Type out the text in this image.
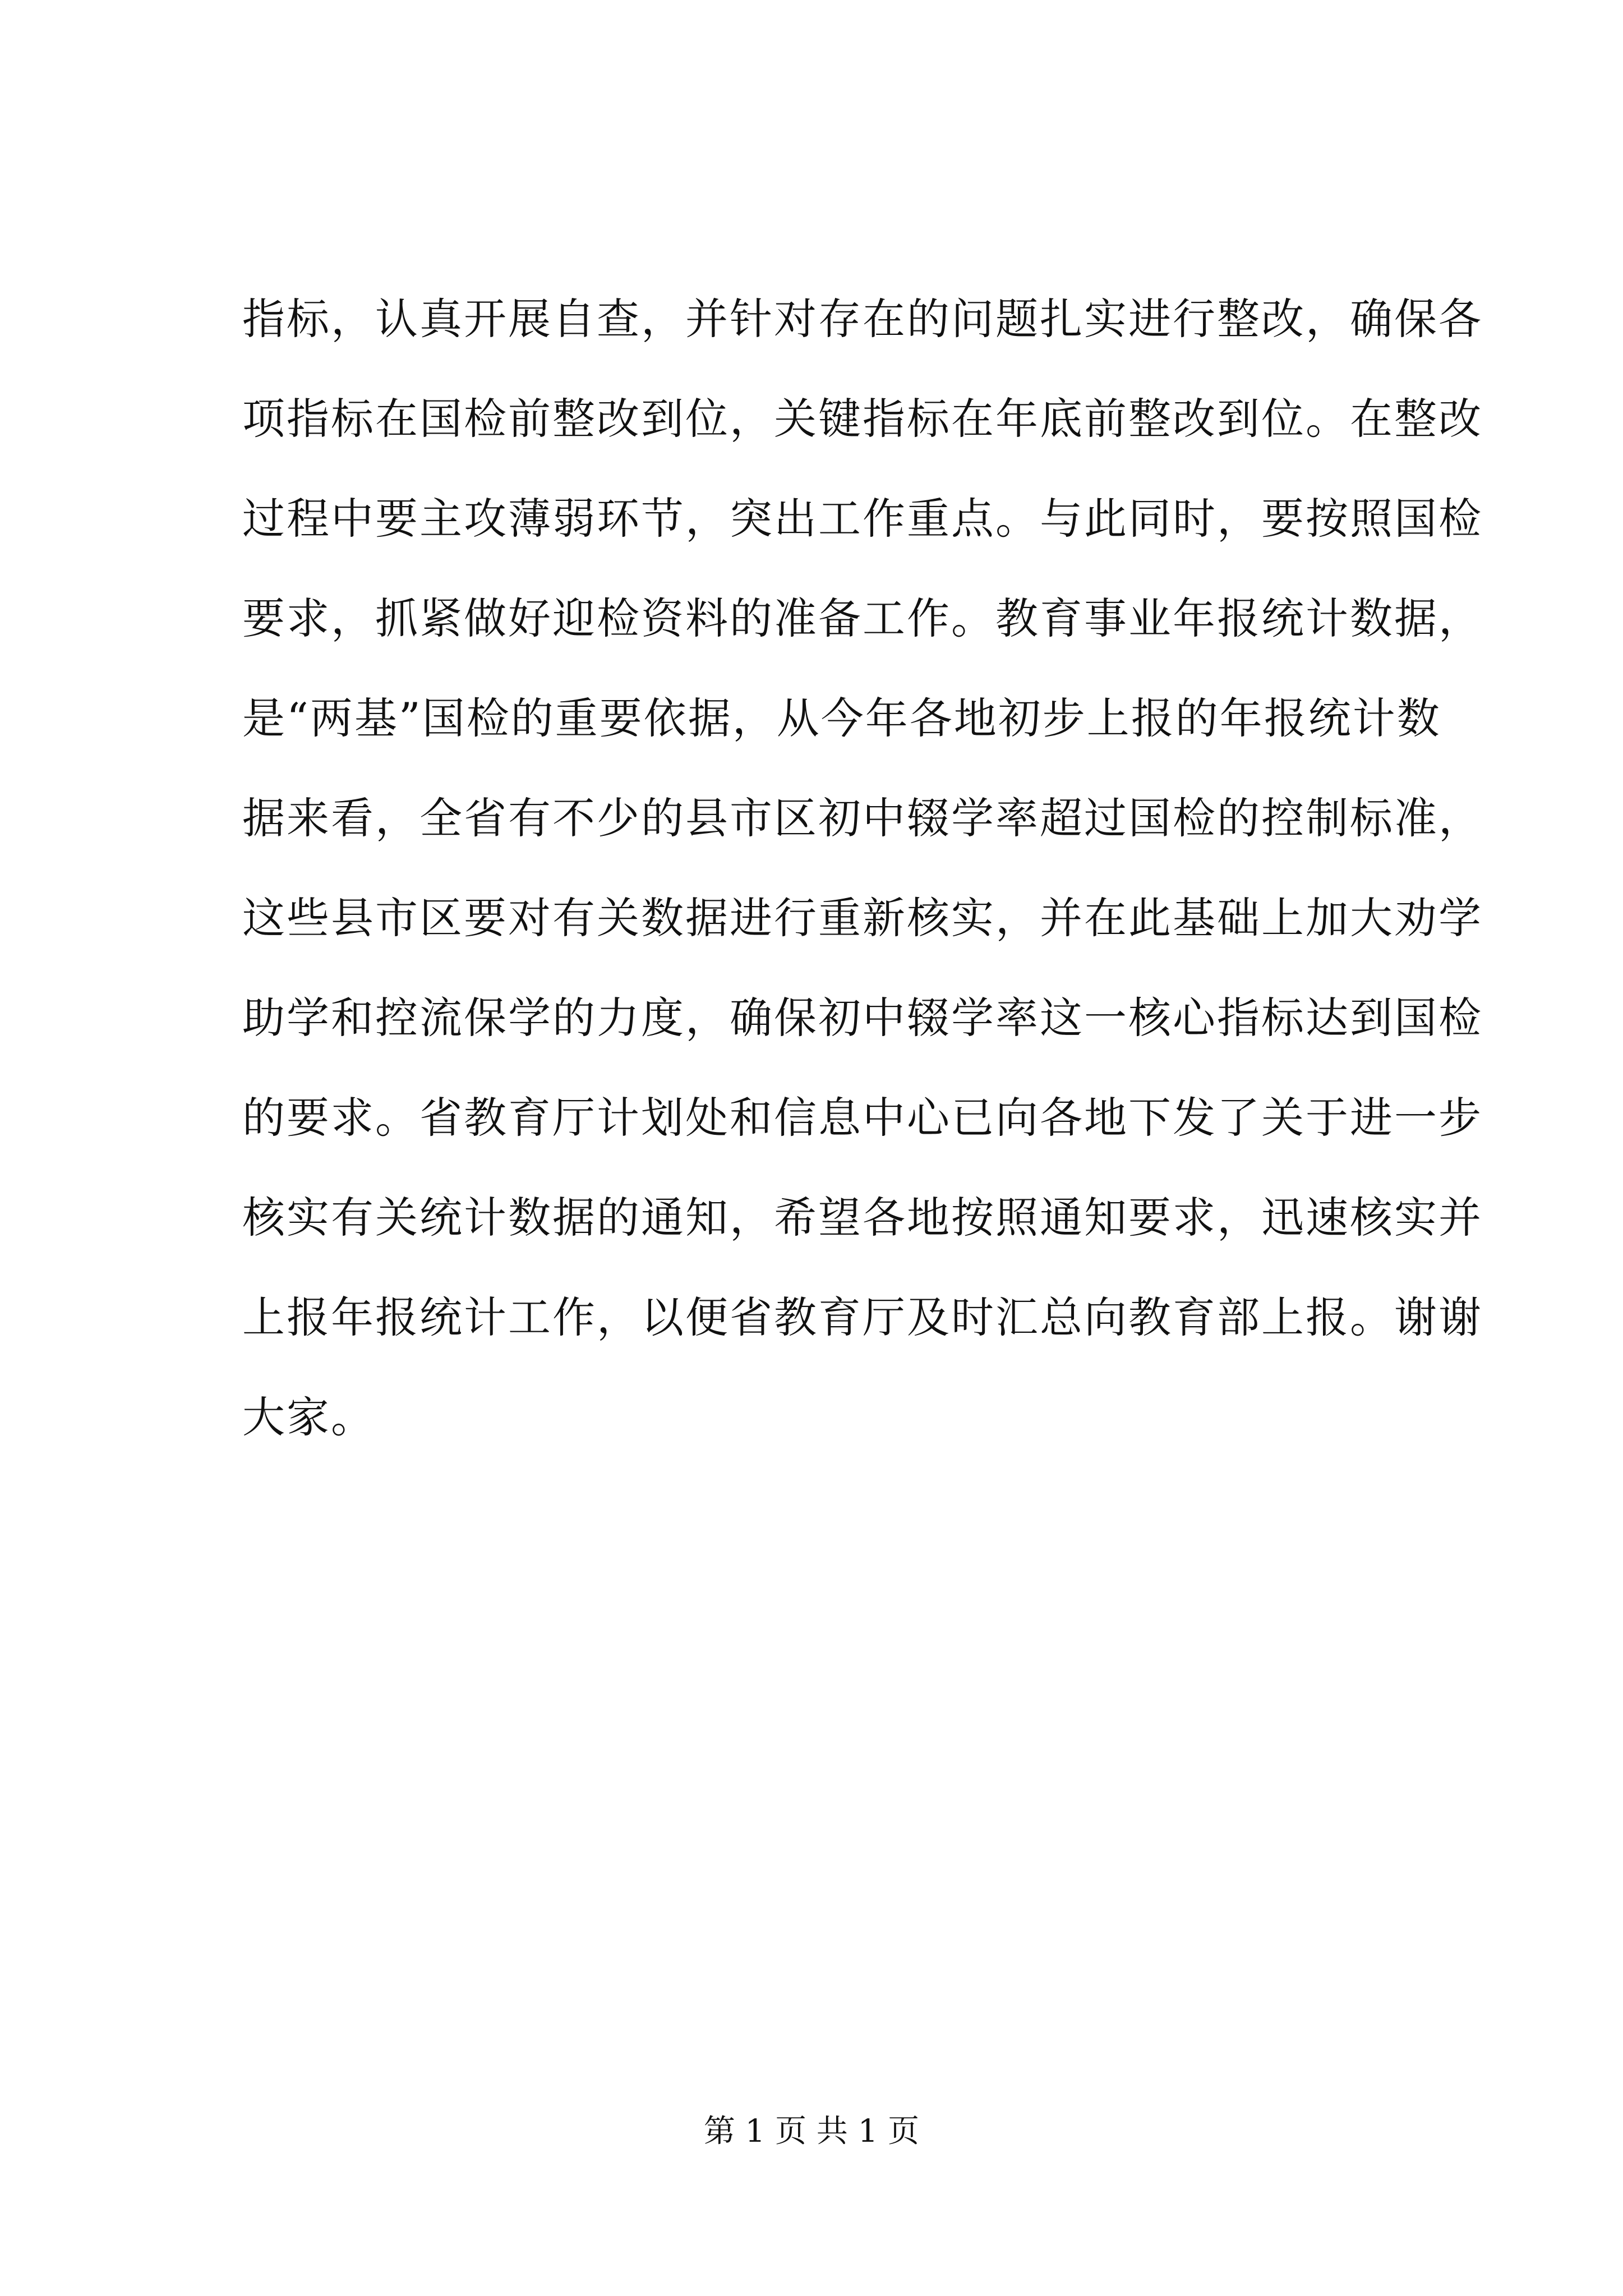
指标，认真开展自查，并针对存在的问题扎实进行整改，确保各
项指标在国检前整改到位，关键指标在年底前整改到位。在整改
过程中要主攻薄弱环节，突出工作重点。与此同时，要按照国检
要求，抓紧做好迎检资料的准备工作。教育事业年报统计数据，
是“两基”国检的重要依据，从今年各地初步上报的年报统计数
据来看，全省有不少的县市区初中辍学率超过国检的控制标准，
这些县市区要对有关数据进行重新核实，并在此基础上加大劝学
助学和控流保学的力度，确保初中辍学率这一核心指标达到国检
的要求。省教育厅计划处和信息中心已向各地下发了关于进一步
核实有关统计数据的通知，希望各地按照通知要求，迅速核实并
上报年报统计工作，以便省教育厅及时汇总向教育部上报。谢谢
大家。
第 1 页 共 1 页
